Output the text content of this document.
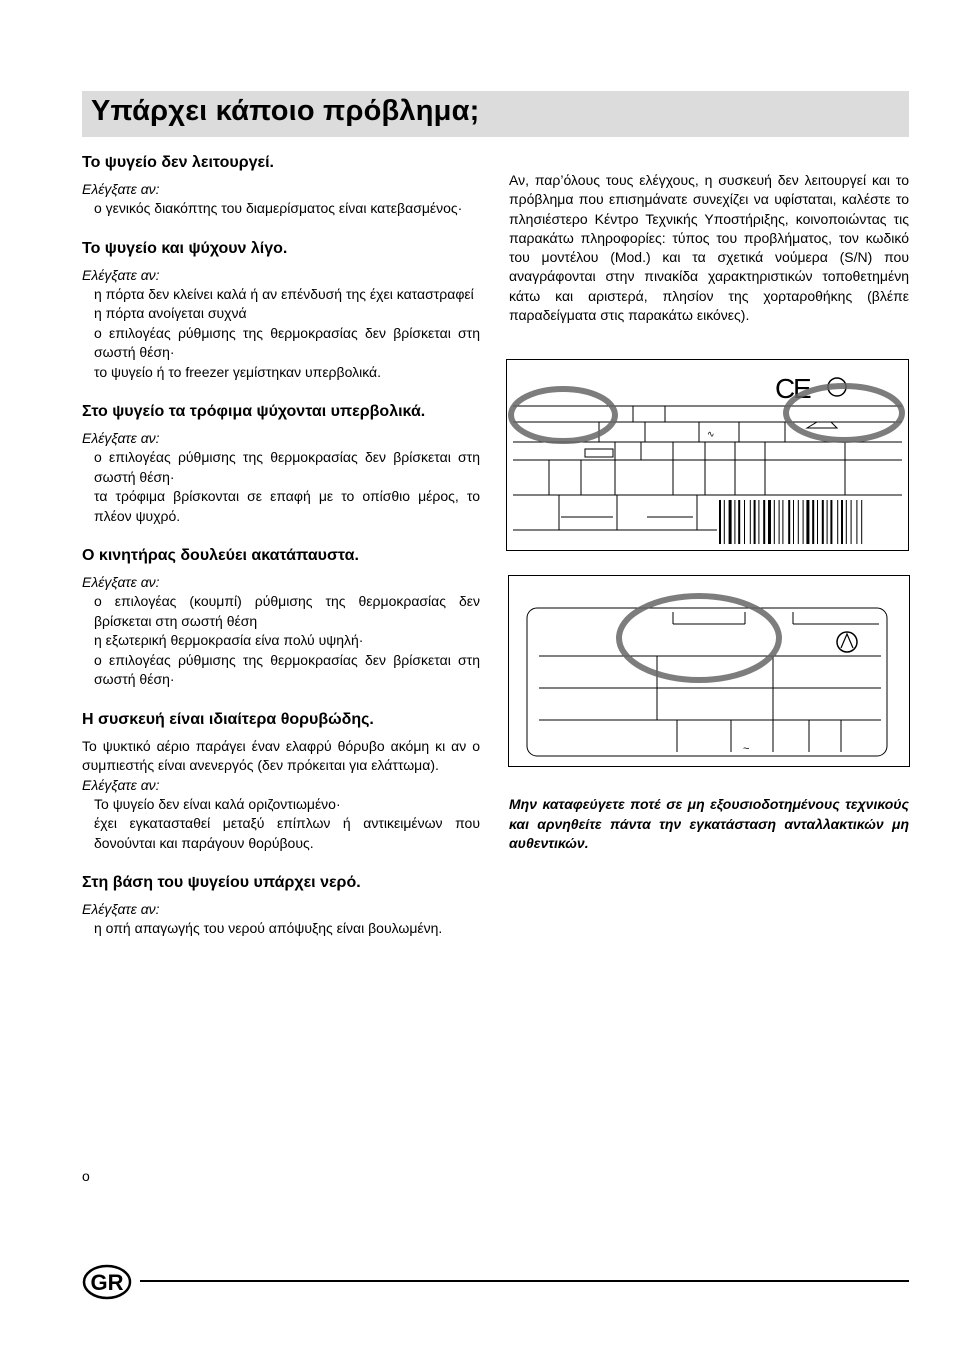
Υπάρχει κάποιο πρόβλημα;
Το ψυγείο δεν λειτουργεί.
Ελέγξατε αν:
ο γενικός διακόπτης του διαμερίσματος είναι κατεβασμένος·
Το ψυγείο και ψύχουν λίγο.
Ελέγξατε αν:
η πόρτα δεν κλείνει καλά ή αν επένδυσή της έχει καταστραφεί
η πόρτα ανοίγεται συχνά
ο επιλογέας ρύθμισης της θερμοκρασίας δεν βρίσκεται στη σωστή θέση·
το ψυγείο ή το freezer γεμίστηκαν υπερβολικά.
Στο ψυγείο τα τρόφιμα ψύχονται υπερβολικά.
Ελέγξατε αν:
ο επιλογέας ρύθμισης της θερμοκρασίας δεν βρίσκεται στη σωστή θέση·
τα τρόφιμα βρίσκονται σε επαφή με το οπίσθιο μέρος, το πλέον ψυχρό.
Ο κινητήρας δουλεύει ακατάπαυστα.
Ελέγξατε αν:
ο επιλογέας (κουμπί) ρύθμισης της θερμοκρασίας δεν βρίσκεται στη σωστή θέση
η εξωτερική θερμοκρασία είνα πολύ υψηλή·
ο επιλογέας ρύθμισης της θερμοκρασίας δεν βρίσκεται στη σωστή θέση·
Η συσκευή είναι ιδιαίτερα θορυβώδης.
Το ψυκτικό αέριο παράγει έναν ελαφρύ θόρυβο ακόμη κι αν ο συμπιεστής είναι ανενεργός (δεν πρόκειται για ελάττωμα).
Ελέγξατε αν:
Το ψυγείο δεν είναι καλά οριζοντιωμένο·
έχει εγκατασταθεί μεταξύ επίπλων ή αντικειμένων που δονούνται και παράγουν θορύβους.
Στη βάση του ψυγείου υπάρχει νερό.
Ελέγξατε αν:
η οπή απαγωγής του νερού απόψυξης είναι βουλωμένη.
Αν, παρ’όλους τους ελέγχους, η συσκευή δεν λειτουργεί και το πρόβλημα που επισημάνατε συνεχίζει να υφίσταται, καλέστε το πλησιέστερο Κέντρο Τεχνικής Υποστήριξης, κοινοποιώντας τις παρακάτω πληροφορίες: τύπος του προβλήματος, τον κωδικό του μοντέλου (Mod.) και τα σχετικά νούμερα (S/N) που αναγράφονται στην πινακίδα χαρακτηριστικών τοποθετημένη κάτω και αριστερά, πλησίον της χορταροθήκης (βλέπε παραδείγματα στις παρακάτω εικόνες).
∿
C
E
~
Μην καταφεύγετε ποτέ σε μη εξουσιοδοτημένους τεχνικούς και αρνηθείτε πάντα την εγκατάσταση ανταλλακτικών μη αυθεντικών.
o
GR
